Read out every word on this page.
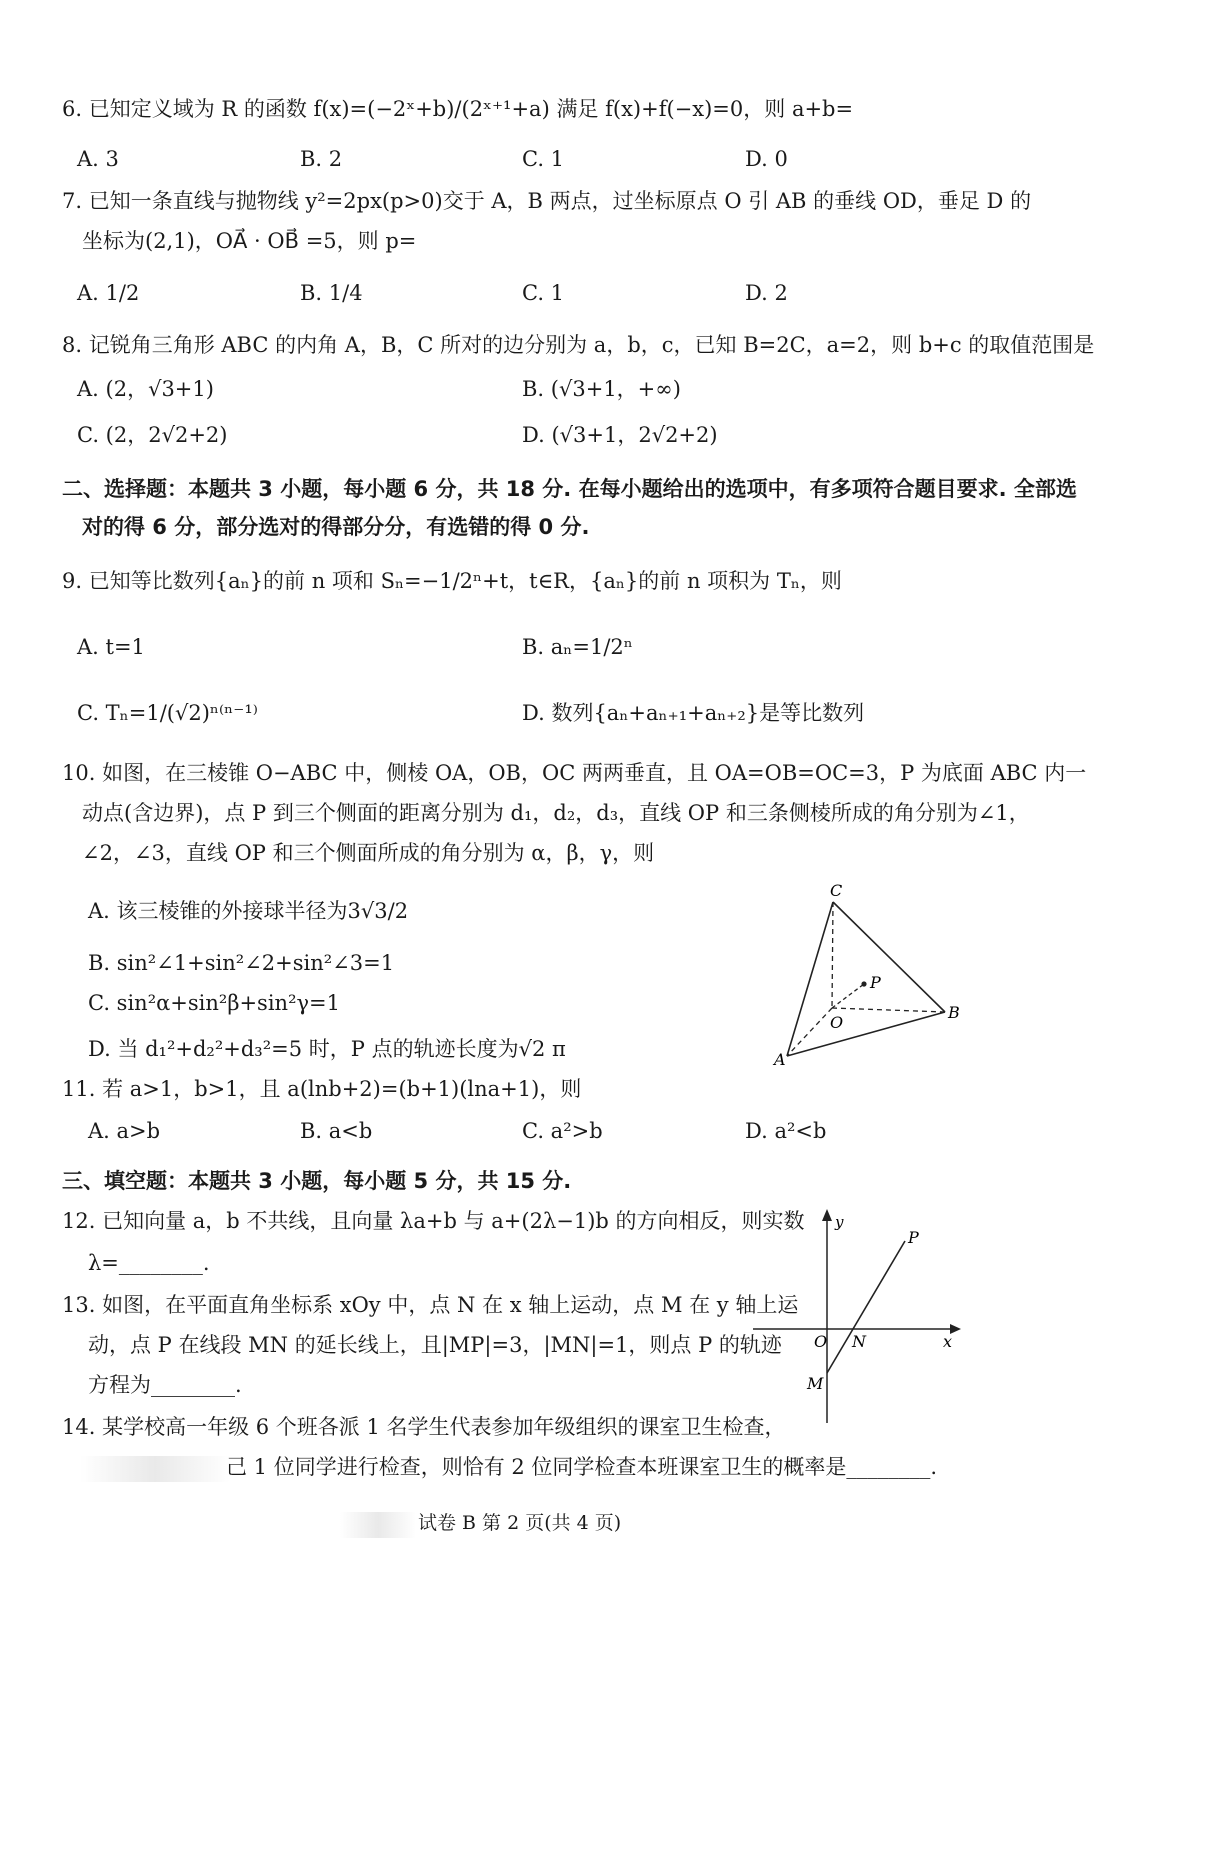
6. 已知定义域为 R 的函数 f(x)=(−2ˣ+b)/(2ˣ⁺¹+a) 满足 f(x)+f(−x)=0，则 a+b=
A. 3	B. 2	C. 1	D. 0
7. 已知一条直线与抛物线 y²=2px(p>0)交于 A，B 两点，过坐标原点 O 引 AB 的垂线 OD，垂足 D 的
坐标为(2,1)，OA⃗ · OB⃗ =5，则 p=
A. 1/2	B. 1/4	C. 1	D. 2
8. 记锐角三角形 ABC 的内角 A，B，C 所对的边分别为 a，b，c，已知 B=2C，a=2，则 b+c 的取值范围是
A. (2，√3+1)	B. (√3+1，+∞)
C. (2，2√2+2)	D. (√3+1，2√2+2)
二、选择题：本题共 3 小题，每小题 6 分，共 18 分. 在每小题给出的选项中，有多项符合题目要求. 全部选
对的得 6 分，部分选对的得部分分，有选错的得 0 分.
9. 已知等比数列{aₙ}的前 n 项和 Sₙ=−1/2ⁿ+t，t∈R，{aₙ}的前 n 项积为 Tₙ，则
A. t=1	B. aₙ=1/2ⁿ
C. Tₙ=1/(√2)ⁿ⁽ⁿ⁻¹⁾	D. 数列{aₙ+aₙ₊₁+aₙ₊₂}是等比数列
10. 如图，在三棱锥 O−ABC 中，侧棱 OA，OB，OC 两两垂直，且 OA=OB=OC=3，P 为底面 ABC 内一
动点(含边界)，点 P 到三个侧面的距离分别为 d₁，d₂，d₃，直线 OP 和三条侧棱所成的角分别为∠1，
∠2，∠3，直线 OP 和三个侧面所成的角分别为 α，β，γ，则
A. 该三棱锥的外接球半径为3√3/2
B. sin²∠1+sin²∠2+sin²∠3=1
C. sin²α+sin²β+sin²γ=1
D. 当 d₁²+d₂²+d₃²=5 时，P 点的轨迹长度为√2 π
C
P
O
B
A
11. 若 a>1，b>1，且 a(lnb+2)=(b+1)(lna+1)，则
A. a>b	B. a<b	C. a²>b	D. a²<b
三、填空题：本题共 3 小题，每小题 5 分，共 15 分.
12. 已知向量 a，b 不共线，且向量 λa+b 与 a+(2λ−1)b 的方向相反，则实数
λ=________.
13. 如图，在平面直角坐标系 xOy 中，点 N 在 x 轴上运动，点 M 在 y 轴上运
动，点 P 在线段 MN 的延长线上，且|MP|=3，|MN|=1，则点 P 的轨迹
方程为________.
y
P
O N	x
M
14. 某学校高一年级 6 个班各派 1 名学生代表参加年级组织的课室卫生检查，
己 1 位同学进行检查，则恰有 2 位同学检查本班课室卫生的概率是________.
试卷 B 第 2 页(共 4 页)
